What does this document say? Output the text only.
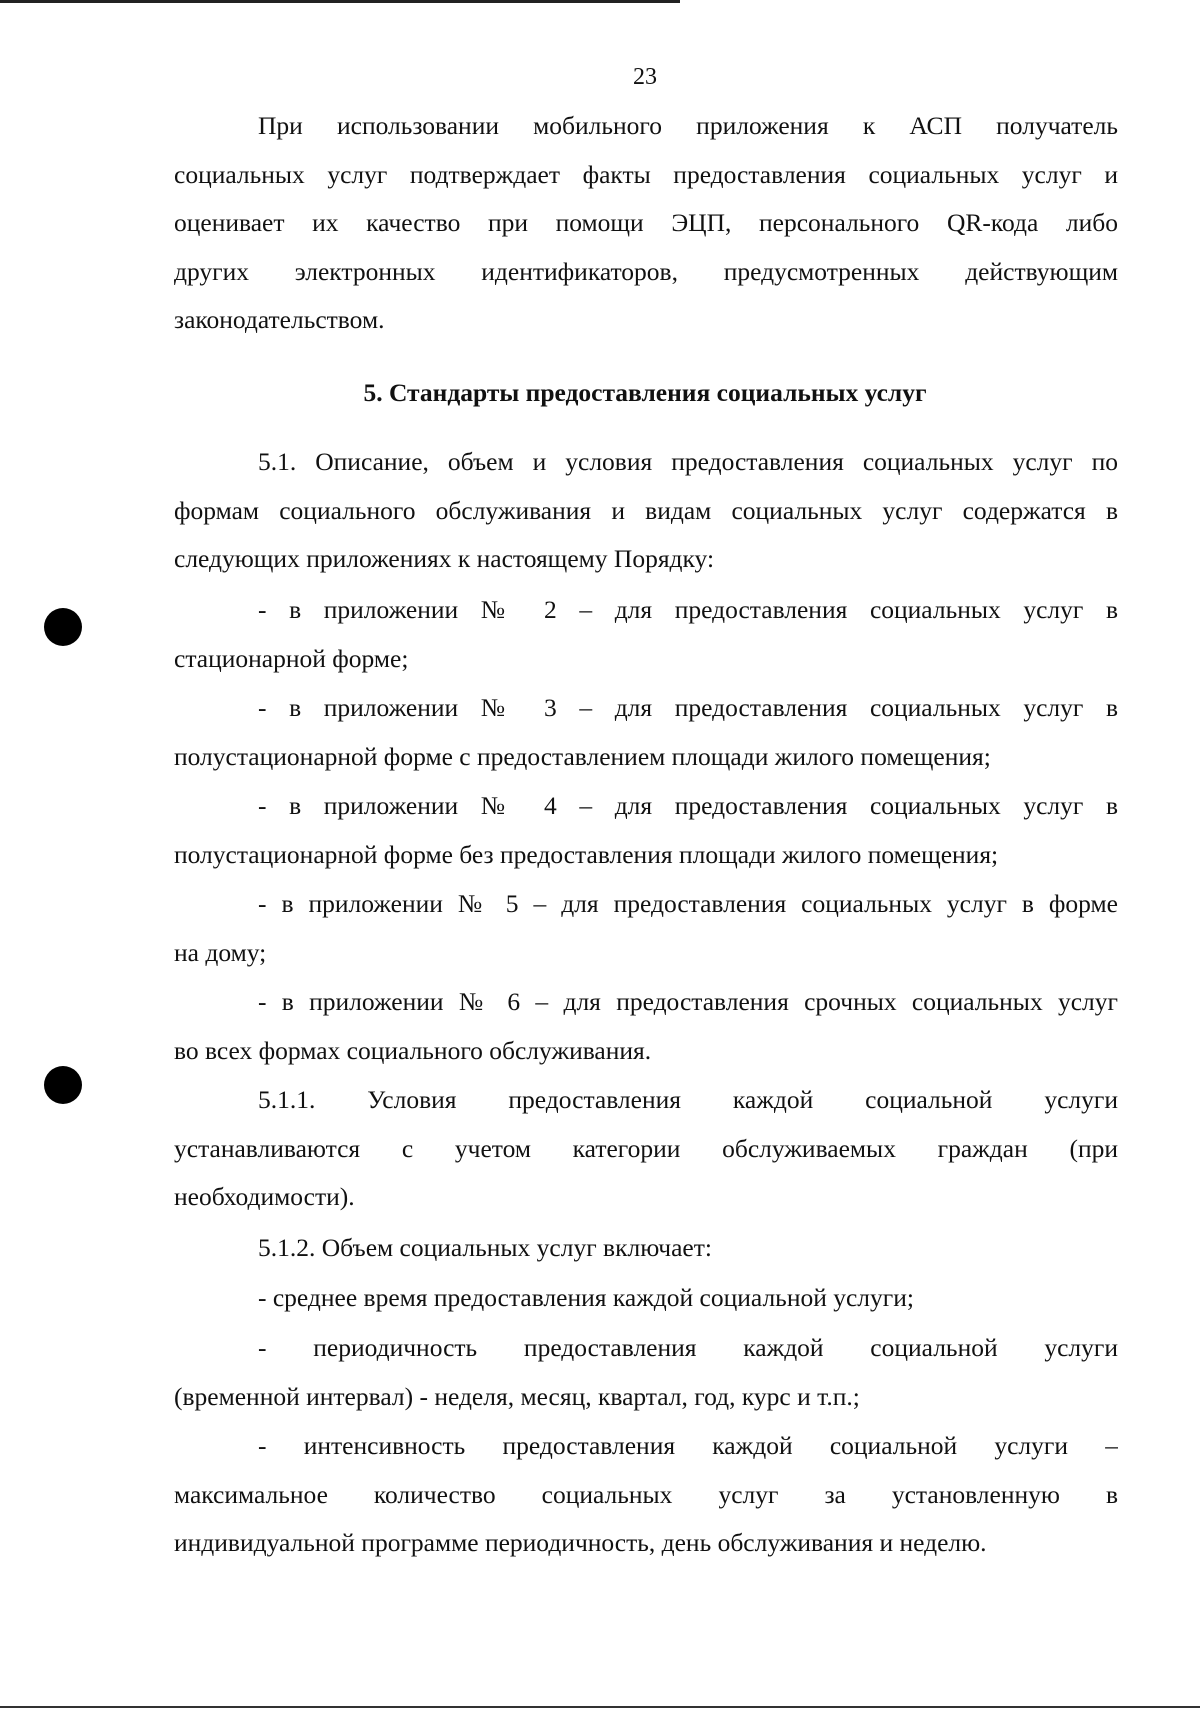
23
При использовании мобильного приложения к АСП получатель
социальных услуг подтверждает факты предоставления социальных услуг и
оценивает их качество при помощи ЭЦП, персонального QR-кода либо
других электронных идентификаторов, предусмотренных действующим
законодательством.
5. Стандарты предоставления социальных услуг
5.1. Описание, объем и условия предоставления социальных услуг по
формам социального обслуживания и видам социальных услуг содержатся в
следующих приложениях к настоящему Порядку:
- в приложении № 2 – для предоставления социальных услуг в
стационарной форме;
- в приложении № 3 – для предоставления социальных услуг в
полустационарной форме с предоставлением площади жилого помещения;
- в приложении № 4 – для предоставления социальных услуг в
полустационарной форме без предоставления площади жилого помещения;
- в приложении № 5 – для предоставления социальных услуг в форме
на дому;
- в приложении № 6 – для предоставления срочных социальных услуг
во всех формах социального обслуживания.
5.1.1. Условия предоставления каждой социальной услуги
устанавливаются с учетом категории обслуживаемых граждан (при
необходимости).
5.1.2. Объем социальных услуг включает:
- среднее время предоставления каждой социальной услуги;
- периодичность предоставления каждой социальной услуги
(временной интервал) - неделя, месяц, квартал, год, курс и т.п.;
- интенсивность предоставления каждой социальной услуги –
максимальное количество социальных услуг за установленную в
индивидуальной программе периодичность, день обслуживания и неделю.
